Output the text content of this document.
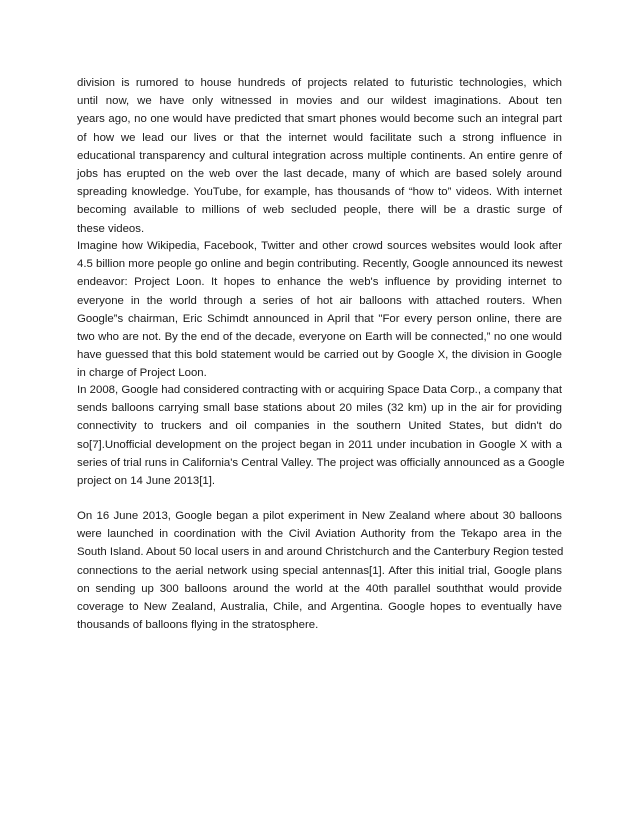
division is rumored to house hundreds of projects related to futuristic technologies, which
until now, we have only witnessed in movies and our wildest imaginations. About ten
years ago, no one would have predicted that smart phones would become such an integral part
of how we lead our lives or that the internet would facilitate such a strong influence in
educational transparency and cultural integration across multiple continents. An entire genre of
jobs has erupted on the web over the last decade, many of which are based solely around
spreading knowledge. YouTube, for example, has thousands of “how to” videos. With internet
becoming available to millions of web secluded people, there will be a drastic surge of
these videos.
Imagine how Wikipedia, Facebook, Twitter and other crowd sources websites would look after
4.5 billion more people go online and begin contributing. Recently, Google announced its newest
endeavor: Project Loon. It hopes to enhance the web's influence by providing internet to
everyone in the world through a series of hot air balloons with attached routers. When
Google‟s chairman, Eric Schimdt announced in April that "For every person online, there are
two who are not. By the end of the decade, everyone on Earth will be connected,” no one would
have guessed that this bold statement would be carried out by Google X, the division in Google
in charge of Project Loon.
In 2008, Google had considered contracting with or acquiring Space Data Corp., a company that
sends balloons carrying small base stations about 20 miles (32 km) up in the air for providing
connectivity to truckers and oil companies in the southern United States, but didn't do
so[7].Unofficial development on the project began in 2011 under incubation in Google X with a
series of trial runs in California's Central Valley. The project was officially announced as a Google
project on 14 June 2013[1].
On 16 June 2013, Google began a pilot experiment in New Zealand where about 30 balloons
were launched in coordination with the Civil Aviation Authority from the Tekapo area in the
South Island. About 50 local users in and around Christchurch and the Canterbury Region tested
connections to the aerial network using special antennas[1]. After this initial trial, Google plans
on sending up 300 balloons around the world at the 40th parallel souththat would provide
coverage to New Zealand, Australia, Chile, and Argentina. Google hopes to eventually have
thousands of balloons flying in the stratosphere.
